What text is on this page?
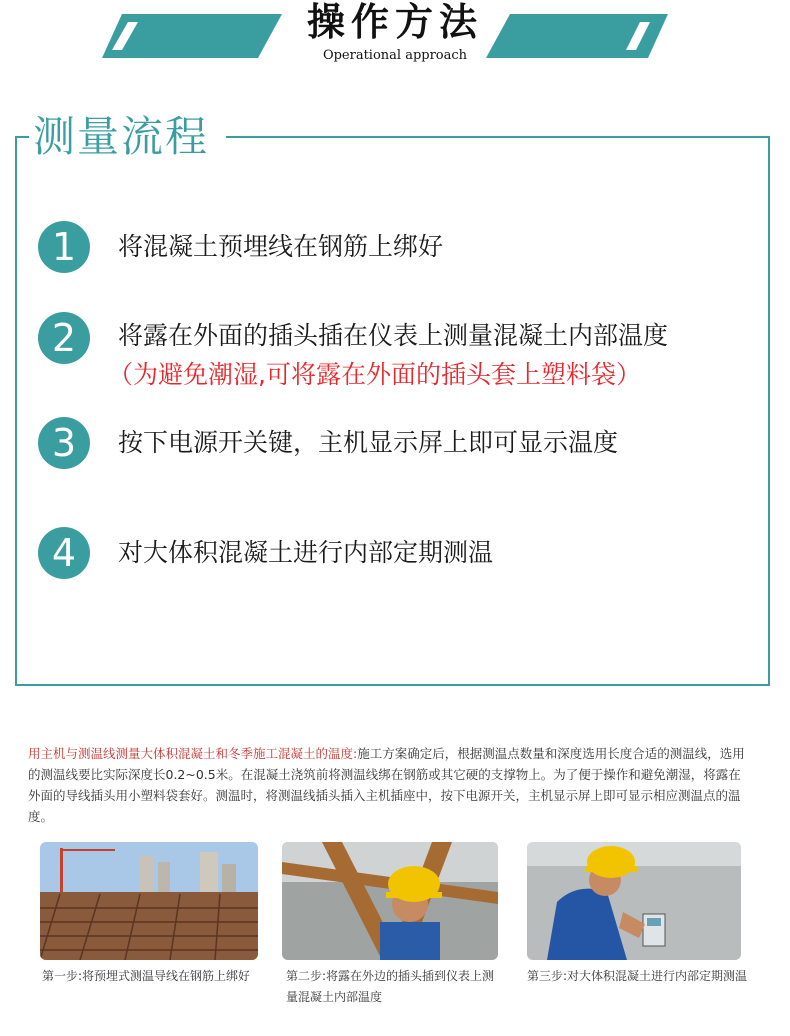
操作方法
Operational approach
测量流程
1	将混凝土预埋线在钢筋上绑好
2	将露在外面的插头插在仪表上测量混凝土内部温度
（为避免潮湿,可将露在外面的插头套上塑料袋）
3	按下电源开关键，主机显示屏上即可显示温度
4	对大体积混凝土进行内部定期测温
用主机与测温线测量大体积混凝土和冬季施工混凝土的温度:施工方案确定后，根据测温点数量和深度选用长度合适的测温线，选用的测温线要比实际深度长0.2~0.5米。在混凝土浇筑前将测温线绑在钢筋或其它硬的支撑物上。为了便于操作和避免潮湿，将露在外面的导线插头用小塑料袋套好。测温时，将测温线插头插入主机插座中，按下电源开关，主机显示屏上即可显示相应测温点的温度。
第一步:将预埋式测温导线在钢筋上绑好	第二步:将露在外边的插头插到仪表上测量混凝土内部温度
第三步:对大体积混凝土进行内部定期测温
